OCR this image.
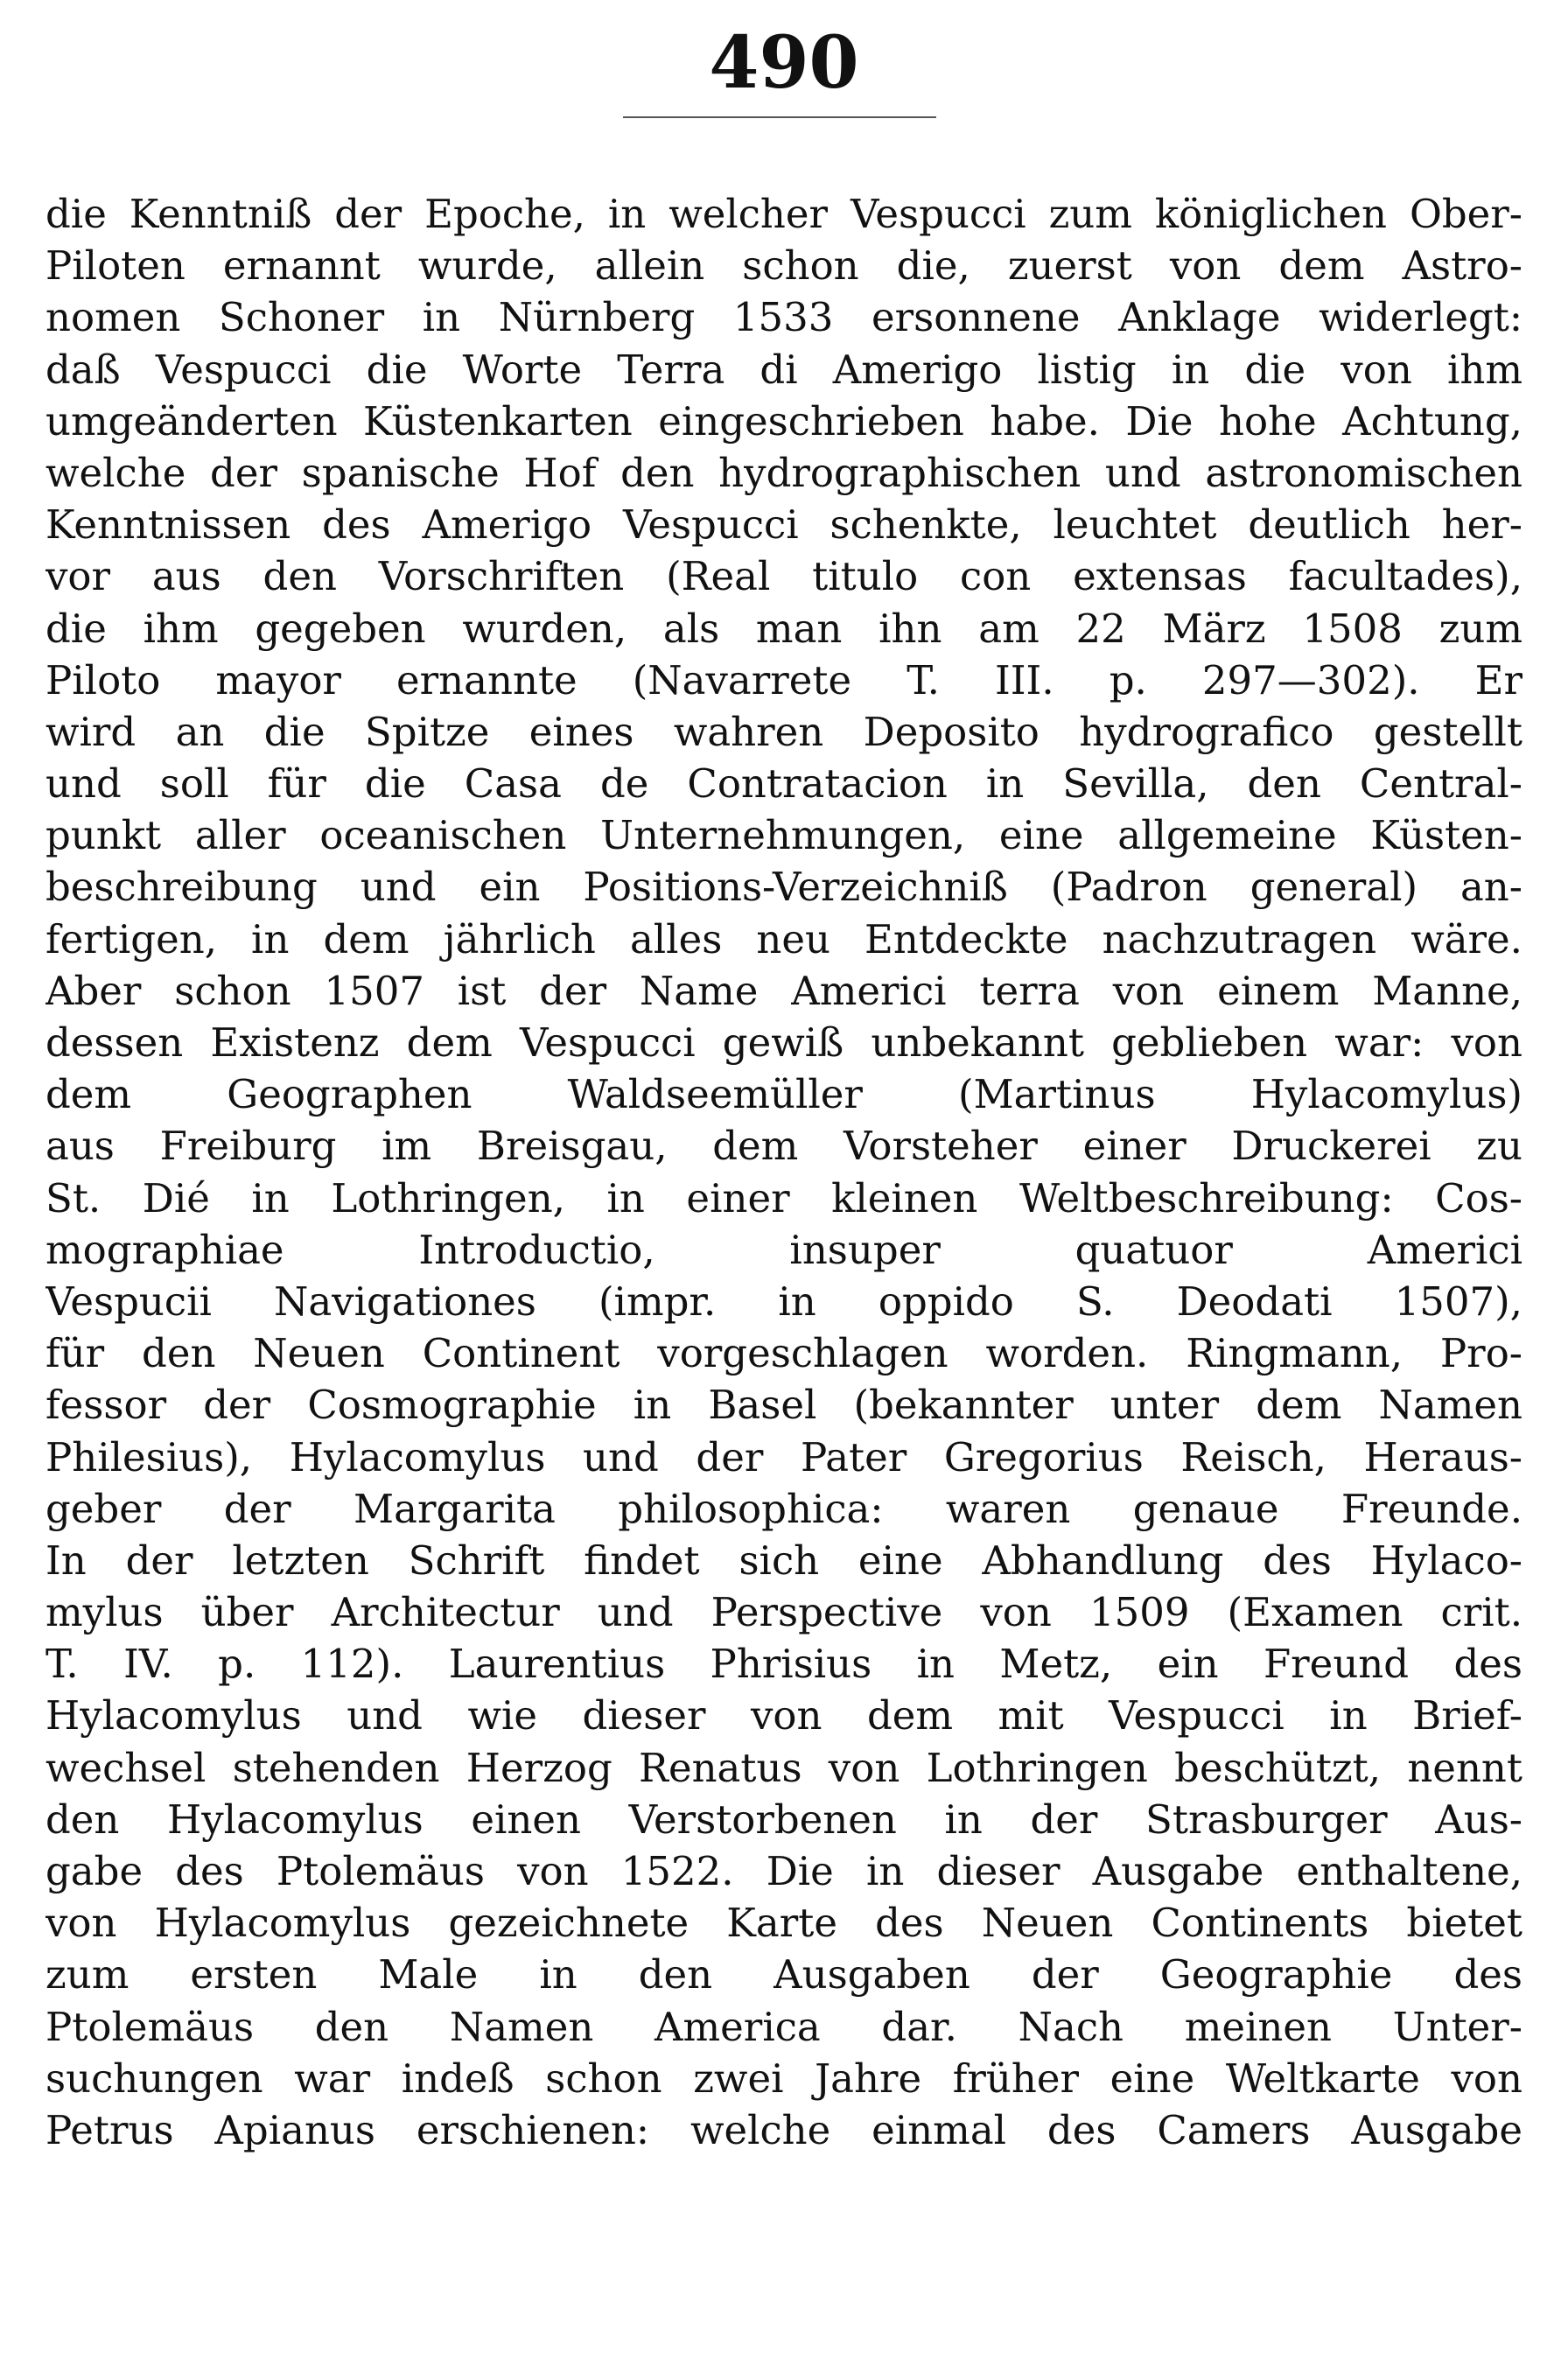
490
die Kenntniß der Epoche, in welcher Vespucci zum königlichen Ober-
Piloten ernannt wurde, allein schon die, zuerst von dem Astro-
nomen Schoner in Nürnberg 1533 ersonnene Anklage widerlegt:
daß Vespucci die Worte Terra di Amerigo listig in die von ihm
umgeänderten Küstenkarten eingeschrieben habe. Die hohe Achtung,
welche der spanische Hof den hydrographischen und astronomischen
Kenntnissen des Amerigo Vespucci schenkte, leuchtet deutlich her-
vor aus den Vorschriften (Real titulo con extensas facultades),
die ihm gegeben wurden, als man ihn am 22 März 1508 zum
Piloto mayor ernannte (Navarrete T. III. p. 297—302). Er
wird an die Spitze eines wahren Deposito hydrografico gestellt
und soll für die Casa de Contratacion in Sevilla, den Central-
punkt aller oceanischen Unternehmungen, eine allgemeine Küsten-
beschreibung und ein Positions-Verzeichniß (Padron general) an-
fertigen, in dem jährlich alles neu Entdeckte nachzutragen wäre.
Aber schon 1507 ist der Name Americi terra von einem Manne,
dessen Existenz dem Vespucci gewiß unbekannt geblieben war: von
dem Geographen Waldseemüller (Martinus Hylacomylus)
aus Freiburg im Breisgau, dem Vorsteher einer Druckerei zu
St. Dié in Lothringen, in einer kleinen Weltbeschreibung: Cos-
mographiae Introductio, insuper quatuor Americi
Vespucii Navigationes (impr. in oppido S. Deodati 1507),
für den Neuen Continent vorgeschlagen worden. Ringmann, Pro-
fessor der Cosmographie in Basel (bekannter unter dem Namen
Philesius), Hylacomylus und der Pater Gregorius Reisch, Heraus-
geber der Margarita philosophica: waren genaue Freunde.
In der letzten Schrift findet sich eine Abhandlung des Hylaco-
mylus über Architectur und Perspective von 1509 (Examen crit.
T. IV. p. 112). Laurentius Phrisius in Metz, ein Freund des
Hylacomylus und wie dieser von dem mit Vespucci in Brief-
wechsel stehenden Herzog Renatus von Lothringen beschützt, nennt
den Hylacomylus einen Verstorbenen in der Strasburger Aus-
gabe des Ptolemäus von 1522. Die in dieser Ausgabe enthaltene,
von Hylacomylus gezeichnete Karte des Neuen Continents bietet
zum ersten Male in den Ausgaben der Geographie des
Ptolemäus den Namen America dar. Nach meinen Unter-
suchungen war indeß schon zwei Jahre früher eine Weltkarte von
Petrus Apianus erschienen: welche einmal des Camers Ausgabe
